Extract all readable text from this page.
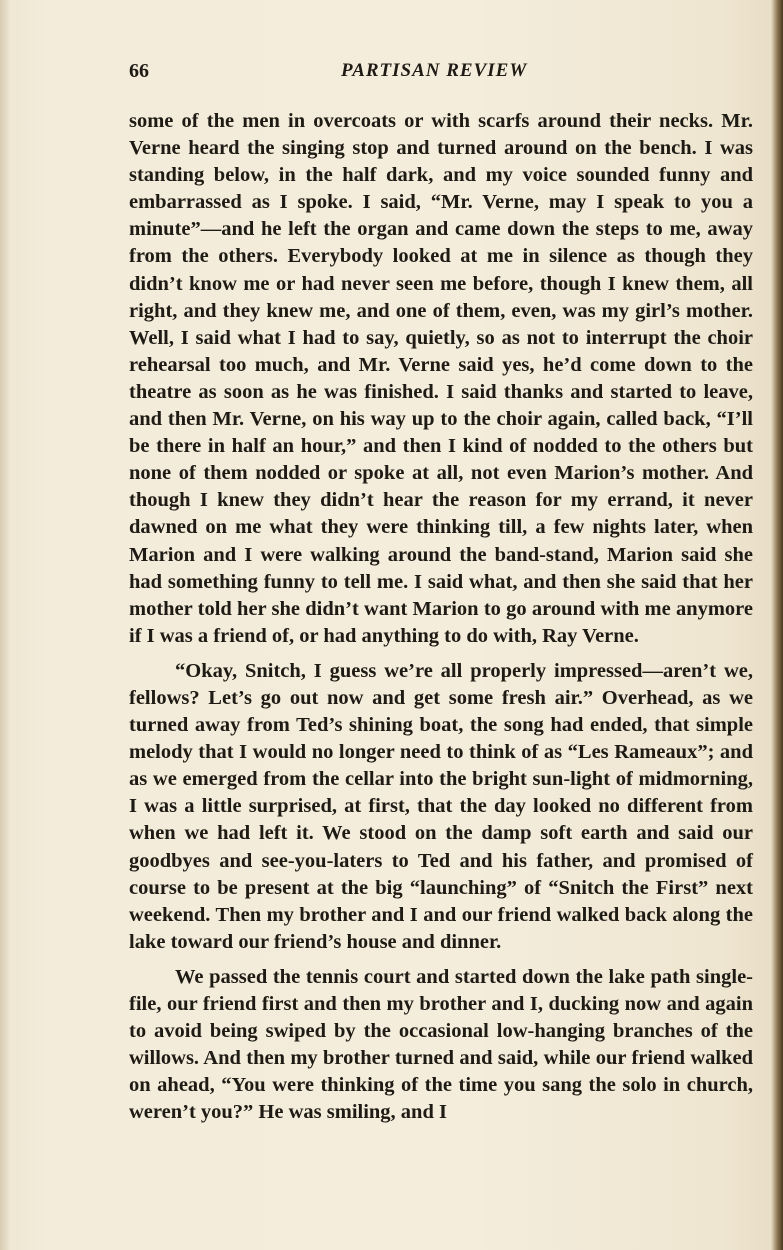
66	PARTISAN REVIEW

some of the men in overcoats or with scarfs around their necks. Mr. Verne heard the singing stop and turned around on the bench. I was standing below, in the half dark, and my voice sounded funny and embarrassed as I spoke. I said, “Mr. Verne, may I speak to you a minute”—and he left the organ and came down the steps to me, away from the others. Everybody looked at me in silence as though they didn’t know me or had never seen me before, though I knew them, all right, and they knew me, and one of them, even, was my girl’s mother. Well, I said what I had to say, quietly, so as not to interrupt the choir rehearsal too much, and Mr. Verne said yes, he’d come down to the theatre as soon as he was finished. I said thanks and started to leave, and then Mr. Verne, on his way up to the choir again, called back, “I’ll be there in half an hour,” and then I kind of nodded to the others but none of them nodded or spoke at all, not even Marion’s mother. And though I knew they didn’t hear the reason for my errand, it never dawned on me what they were thinking till, a few nights later, when Marion and I were walking around the band-stand, Marion said she had something funny to tell me. I said what, and then she said that her mother told her she didn’t want Marion to go around with me anymore if I was a friend of, or had anything to do with, Ray Verne.

“Okay, Snitch, I guess we’re all properly impressed—aren’t we, fellows? Let’s go out now and get some fresh air.” Overhead, as we turned away from Ted’s shining boat, the song had ended, that simple melody that I would no longer need to think of as “Les Rameaux”; and as we emerged from the cellar into the bright sun-light of midmorning, I was a little surprised, at first, that the day looked no different from when we had left it. We stood on the damp soft earth and said our goodbyes and see-you-laters to Ted and his father, and promised of course to be present at the big “launching” of “Snitch the First” next weekend. Then my brother and I and our friend walked back along the lake toward our friend’s house and dinner.

We passed the tennis court and started down the lake path single-file, our friend first and then my brother and I, ducking now and again to avoid being swiped by the occasional low-hanging branches of the willows. And then my brother turned and said, while our friend walked on ahead, “You were thinking of the time you sang the solo in church, weren’t you?” He was smiling, and I
